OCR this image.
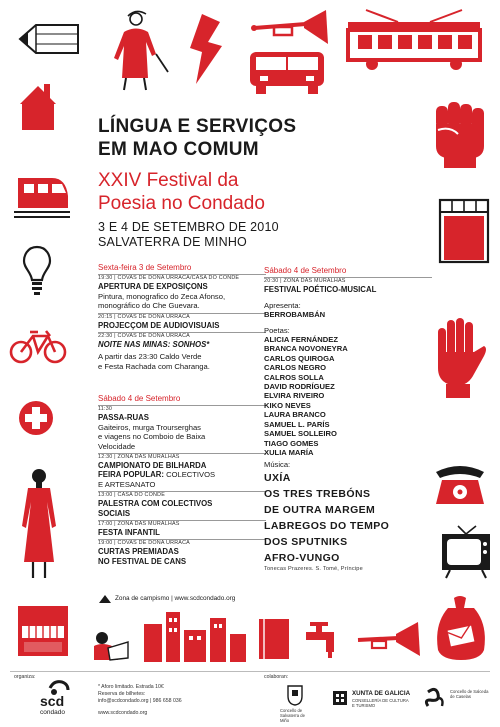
LÍNGUA E SERVIÇOS
EM MAO COMUM
XXIV Festival da
Poesia no Condado
3 E 4 DE SETEMBRO DE 2010
SALVATERRA DE MINHO
Sexta-feira 3 de Setembro
19:30 | COVAS DE DONA URRACA/CASA DO CONDE
APERTURA DE EXPOSIÇONS
Pintura, monografico do Zeca Afonso,
monográfico do Che Guevara.
20:15 | COVAS DE DONA URRACA
PROJECÇOM DE AUDIOVISUAIS
22:30 | COVAS DE DONA URRACA
NOITE NAS MINAS: SONHOS*
A partir das 23:30 Caldo Verde
e Festa Rachada com Charanga.
Sábado 4 de Setembro
11:30
PASSA-RUAS
Gaiteiros, murga Trourserghas
e viagens no Comboio de Baixa
Velocidade
12:30 | ZONA DAS MURALHAS
CAMPIONATO DE BILHARDA
FEIRA POPULAR: COLECTIVOS
E ARTESANATO
13:00 | CASA DO CONDE
PALESTRA COM COLECTIVOS
SOCIAIS
17:00 | ZONA DAS MURALHAS
FESTA INFANTIL
19:00 | COVAS DE DONA URRACA
CURTAS PREMIADAS
NO FESTIVAL DE CANS
Zona de campismo | www.scdcondado.org
Sábado 4 de Setembro
20:30 | ZONA DAS MURALHAS
FESTIVAL POÉTICO-MUSICAL
Apresenta:
BERROBAMBÁN
Poetas:
ALICIA FERNÁNDEZ
BRANCA NOVONEYRA
CARLOS QUIROGA
CARLOS NEGRO
CALROS SOLLA
DAVID RODRÍGUEZ
ELVIRA RIVEIRO
KIKO NEVES
LAURA BRANCO
SAMUEL L. PARÍS
SAMUEL SOLLEIRO
TIAGO GOMES
XULIA MARÍA
Música:
UXÍA
OS TRES TREBÓNS
DE OUTRA MARGEM
LABREGOS DO TEMPO
DOS SPUTNIKS
AFRO-VUNGO
Tonecas Prazeres. S. Tomé, Príncipe
organiza:
scd
condado
* Aforo limitado. Estrada 10€
Reserva de bilhetes:
info@scdcondado.org | 986 658 036
www.scdcondado.org
colaboran:
Concello de Salvaterra de Miño
XUNTA DE GALICIA
CONSELLERÍA DE CULTURA E TURISMO
Concello de Salceda de Caselas
